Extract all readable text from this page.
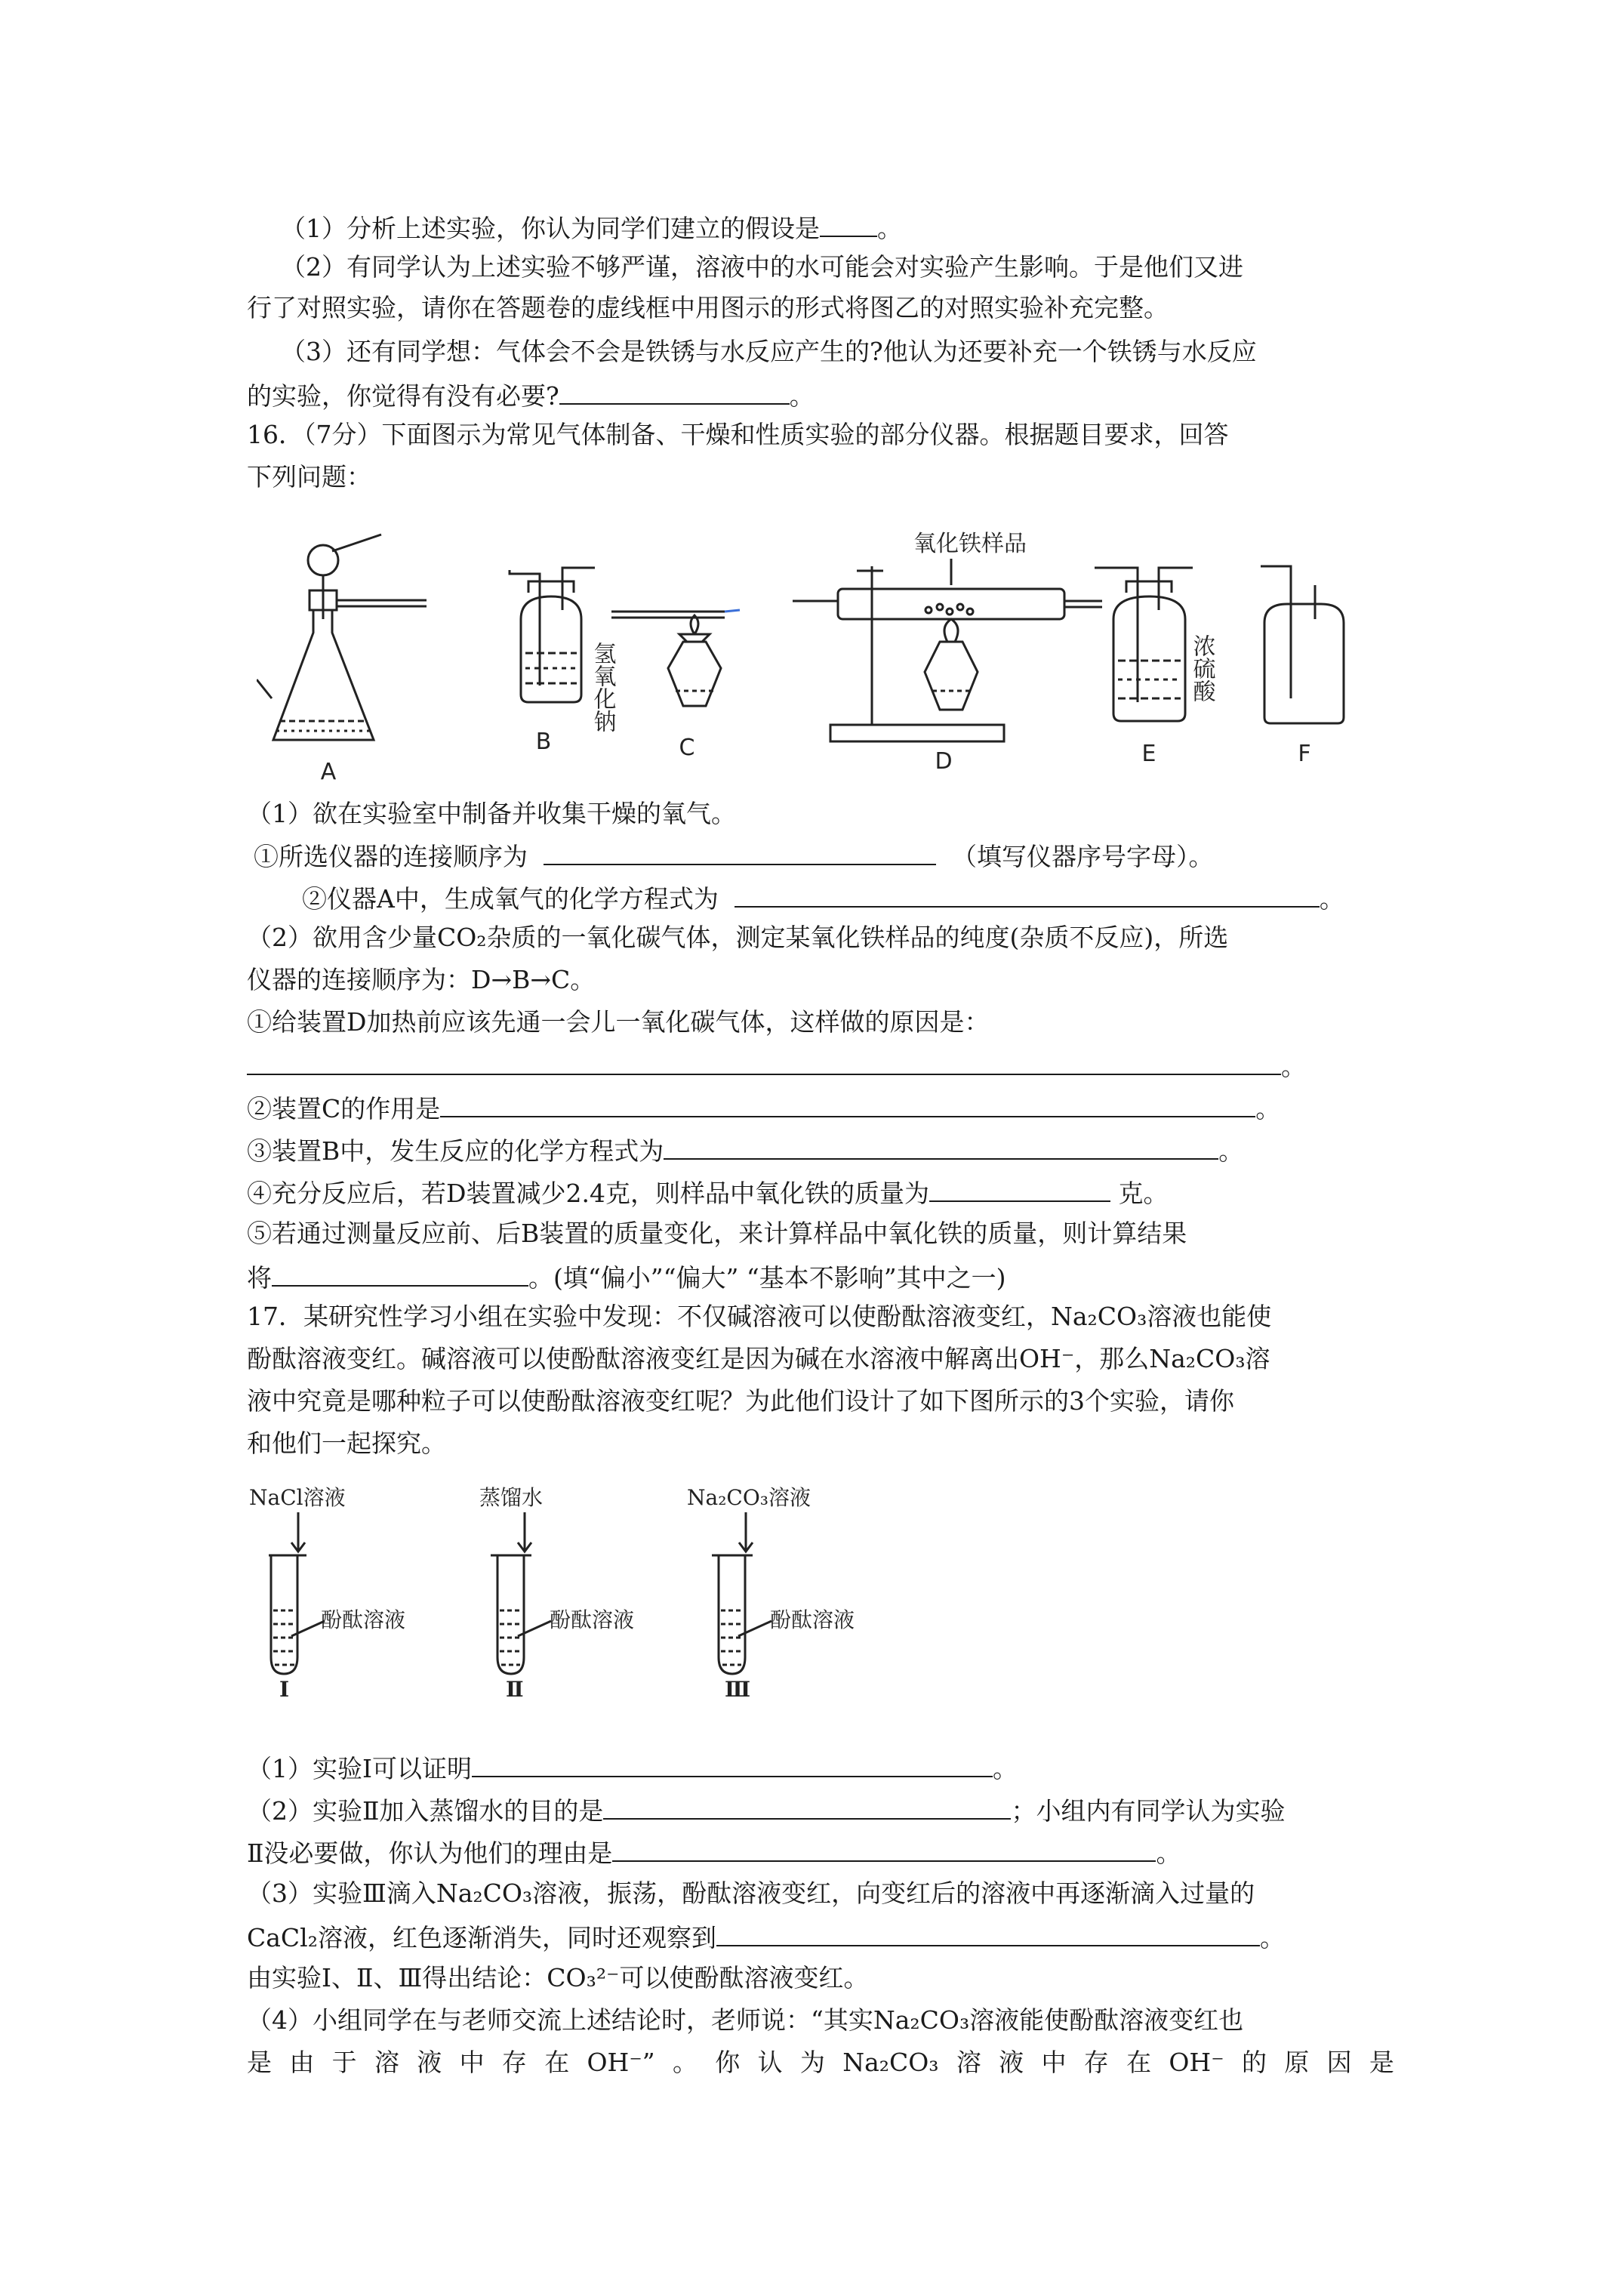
（1）分析上述实验，你认为同学们建立的假设是 。
（2）有同学认为上述实验不够严谨，溶液中的水可能会对实验产生影响。于是他们又进
行了对照实验，请你在答题卷的虚线框中用图示的形式将图乙的对照实验补充完整。
（3）还有同学想：气体会不会是铁锈与水反应产生的?他认为还要补充一个铁锈与水反应
的实验，你觉得有没有必要?	。
16．（7分）下面图示为常见气体制备、干燥和性质实验的部分仪器。根据题目要求，回答
下列问题：
A
B	C
D	E	F
氢氧化钠
氧化铁样品
浓硫酸
（1）欲在实验室中制备并收集干燥的氧气。
①所选仪器的连接顺序为	（填写仪器序号字母）。
②仪器A中，生成氧气的化学方程式为	。
（2）欲用含少量CO₂杂质的一氧化碳气体，测定某氧化铁样品的纯度(杂质不反应)，所选
仪器的连接顺序为：D→B→C。
①给装置D加热前应该先通一会儿一氧化碳气体，这样做的原因是：
。
②装置C的作用是	。
③装置B中，发生反应的化学方程式为	。
④充分反应后，若D装置减少2.4克，则样品中氧化铁的质量为	克。
⑤若通过测量反应前、后B装置的质量变化，来计算样品中氧化铁的质量，则计算结果
将	。(填“偏小”“偏大” “基本不影响”其中之一)
17．某研究性学习小组在实验中发现：不仅碱溶液可以使酚酞溶液变红，Na₂CO₃溶液也能使
酚酞溶液变红。碱溶液可以使酚酞溶液变红是因为碱在水溶液中解离出OH⁻，那么Na₂CO₃溶
液中究竟是哪种粒子可以使酚酞溶液变红呢？为此他们设计了如下图所示的3个实验，请你
和他们一起探究。
NaCl溶液	蒸馏水	Na₂CO₃溶液
酚酞溶液	酚酞溶液	酚酞溶液
Ⅰ	Ⅱ	Ⅲ
（1）实验Ⅰ可以证明	。
（2）实验Ⅱ加入蒸馏水的目的是	；小组内有同学认为实验
Ⅱ没必要做，你认为他们的理由是	。
（3）实验Ⅲ滴入Na₂CO₃溶液，振荡，酚酞溶液变红，向变红后的溶液中再逐渐滴入过量的
CaCl₂溶液，红色逐渐消失，同时还观察到	。
由实验Ⅰ、Ⅱ、Ⅲ得出结论：CO₃²⁻可以使酚酞溶液变红。
（4）小组同学在与老师交流上述结论时，老师说：“其实Na₂CO₃溶液能使酚酞溶液变红也
是 由 于 溶 液 中 存 在 OH⁻” 。 你 认 为 Na₂CO₃ 溶 液 中 存 在 OH⁻ 的 原 因 是
